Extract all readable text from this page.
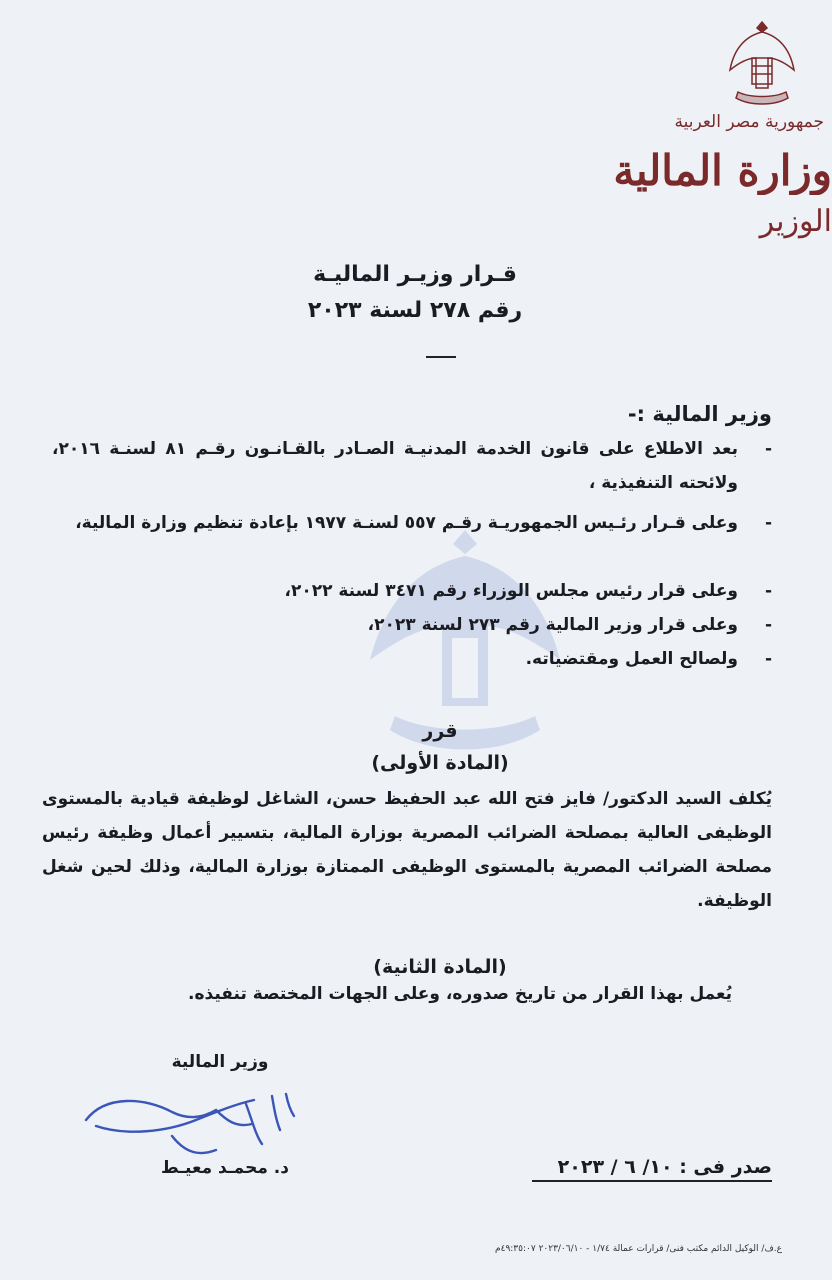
جمهورية مصر العربية
وزارة المالية
الوزير
قـرار وزيـر الماليـة
رقم ٢٧٨ لسنة ٢٠٢٣
وزير المالية :-
-
بعد الاطلاع على قانون الخدمة المدنيـة الصـادر بالقـانـون رقـم ٨١ لسنـة ٢٠١٦، ولائحته التنفيذية ،
-
وعلى قـرار رئـيس الجمهوريـة رقـم ٥٥٧ لسنـة ١٩٧٧ بإعادة تنظيم وزارة المالية،
-
وعلى قرار رئيس مجلس الوزراء رقم ٣٤٧١ لسنة ٢٠٢٢،
-
وعلى قرار وزير المالية رقم ٢٧٣ لسنة ٢٠٢٣،
-
ولصالح العمل ومقتضياته.
قرر
(المادة الأولى)
يُكلف السيد الدكتور/ فايز فتح الله عبد الحفيظ حسن، الشاغل لوظيفة قيادية بالمستوى الوظيفى العالية بمصلحة الضرائب المصرية بوزارة المالية، بتسيير أعمال وظيفة رئيس مصلحة الضرائب المصرية بالمستوى الوظيفى الممتازة بوزارة المالية، وذلك لحين شغل الوظيفة.
(المادة الثانية)
يُعمل بهذا القرار من تاريخ صدوره، وعلى الجهات المختصة تنفيذه.
وزير المالية
د. محمـد معيـط	صدر فى : ١٠/ ٦ / ٢٠٢٣
ع.ف/ الوكيل الدائم مكتب فنى/ قرارات عمالة ١/٧٤ - ٢٠٢٣/٠٦/١٠ ٤٩:٣٥:٠٧م
